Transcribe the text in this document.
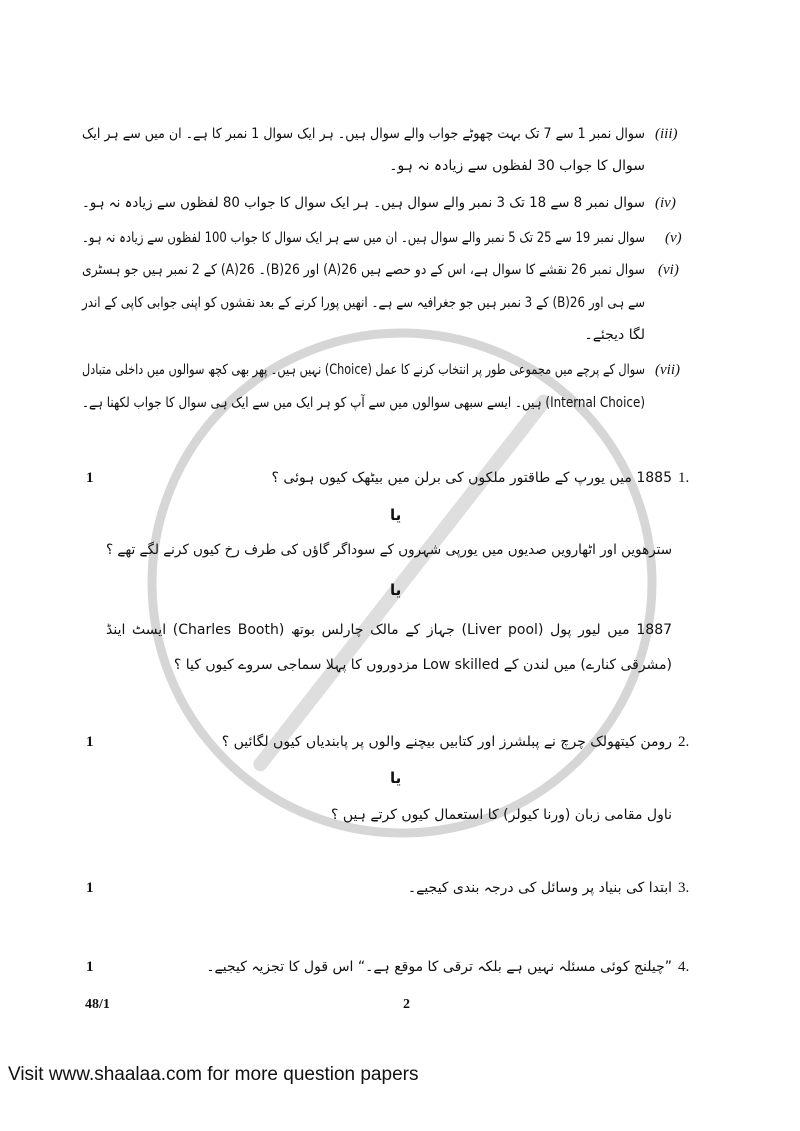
(iii)
سوال نمبر 1 سے 7 تک بہت چھوٹے جواب والے سوال ہیں۔ ہر ایک سوال 1 نمبر کا ہے۔ ان میں سے ہر ایک
سوال کا جواب 30 لفظوں سے زیادہ نہ ہو۔
(iv)
سوال نمبر 8 سے 18 تک 3 نمبر والے سوال ہیں۔ ہر ایک سوال کا جواب 80 لفظوں سے زیادہ نہ ہو۔
(v)
سوال نمبر 19 سے 25 تک 5 نمبر والے سوال ہیں۔ ان میں سے ہر ایک سوال کا جواب 100 لفظوں سے زیادہ نہ ہو۔
(vi)
سوال نمبر 26 نقشے کا سوال ہے، اس کے دو حصے ہیں 26(A) اور 26(B)۔ 26(A) کے 2 نمبر ہیں جو ہسٹری
سے ہی اور 26(B) کے 3 نمبر ہیں جو جغرافیہ سے ہے۔ انھیں پورا کرنے کے بعد نقشوں کو اپنی جوابی کاپی کے اندر
لگا دیجئے۔
(vii)
سوال کے پرچے میں مجموعی طور پر انتخاب کرنے کا عمل (Choice) نہیں ہیں۔ پھر بھی کچھ سوالوں میں داخلی متبادل
(Internal Choice) ہیں۔ ایسے سبھی سوالوں میں سے آپ کو ہر ایک میں سے ایک ہی سوال کا جواب لکھنا ہے۔
1	1.
1885 میں یورپ کے طاقتور ملکوں کی برلن میں بیٹھک کیوں ہوئی ؟
یا
سترھویں اور اٹھارویں صدیوں میں یورپی شہروں کے سوداگر گاؤں کی طرف رخ کیوں کرنے لگے تھے ؟
یا
1887 میں لیور پول (Liver pool) جہاز کے مالک چارلس بوتھ (Charles Booth) ایسٹ اینڈ
(مشرقی کنارے) میں لندن کے Low skilled مزدوروں کا پہلا سماجی سروے کیوں کیا ؟
1	2.
رومن کیتھولک چرچ نے پبلشرز اور کتابیں بیچنے والوں پر پابندیاں کیوں لگائیں ؟
یا
ناول مقامی زبان (ورنا کیولر) کا استعمال کیوں کرتے ہیں ؟
1	3.
ابتدا کی بنیاد پر وسائل کی درجہ بندی کیجیے۔
1	4.
”چیلنج کوئی مسئلہ نہیں ہے بلکہ ترقی کا موقع ہے۔“ اس قول کا تجزیہ کیجیے۔
48/1	2
Visit www.shaalaa.com for more question papers
